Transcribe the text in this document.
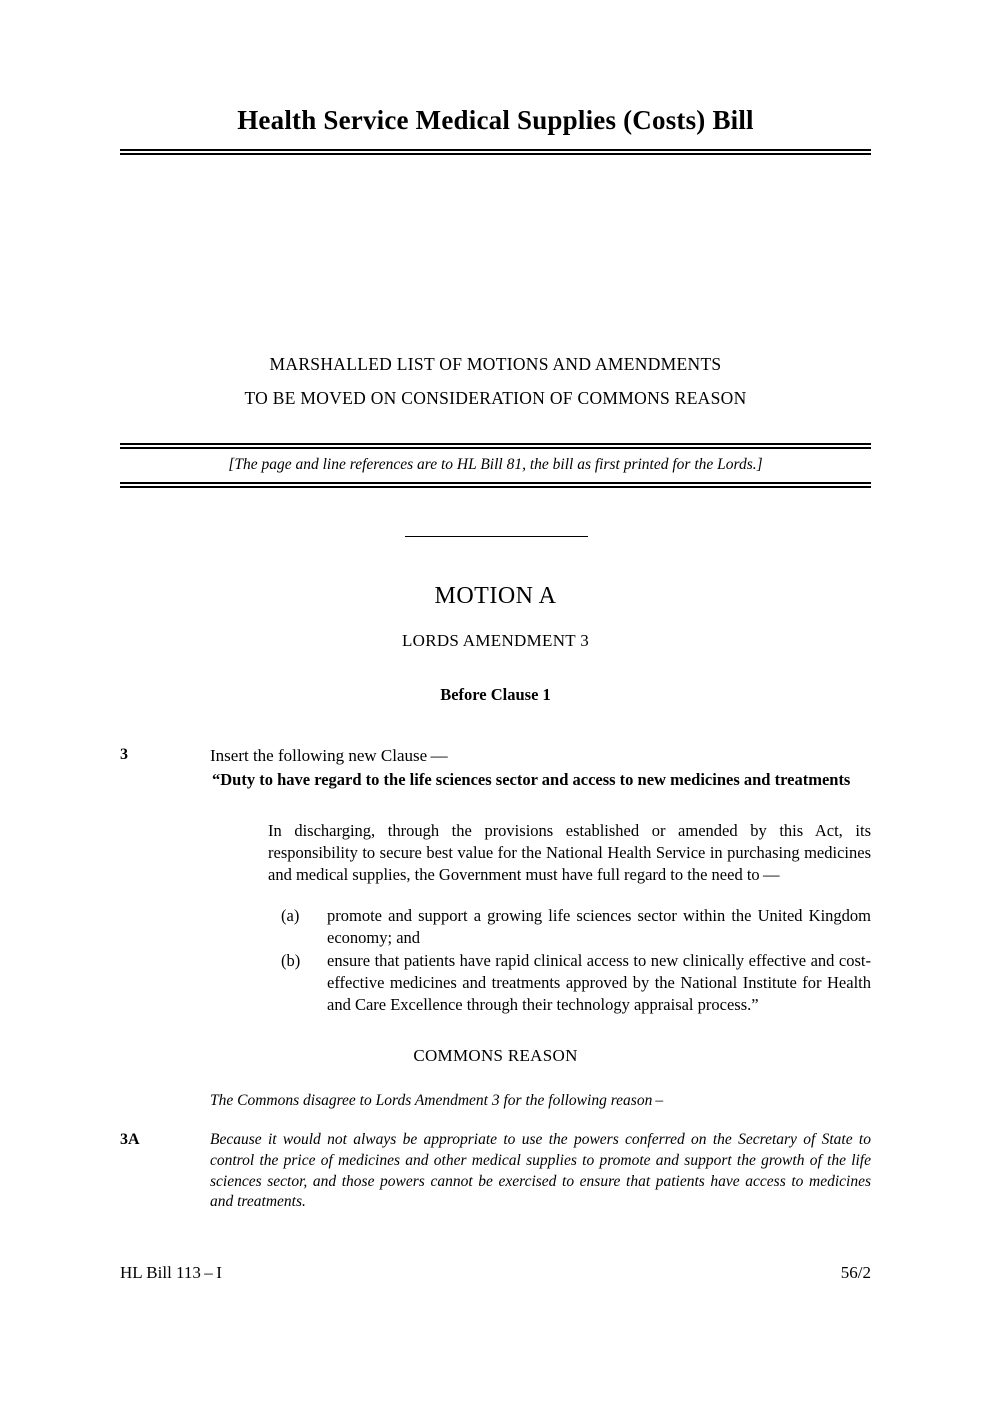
Health Service Medical Supplies (Costs) Bill
MARSHALLED LIST OF MOTIONS AND AMENDMENTS
TO BE MOVED ON CONSIDERATION OF COMMONS REASON
[The page and line references are to HL Bill 81, the bill as first printed for the Lords.]
MOTION A
LORDS AMENDMENT 3
Before Clause 1
3	Insert the following new Clause —
“Duty to have regard to the life sciences sector and access to new medicines and treatments
In discharging, through the provisions established or amended by this Act, its responsibility to secure best value for the National Health Service in purchasing medicines and medical supplies, the Government must have full regard to the need to —
(a) promote and support a growing life sciences sector within the United Kingdom economy; and
(b) ensure that patients have rapid clinical access to new clinically effective and cost-effective medicines and treatments approved by the National Institute for Health and Care Excellence through their technology appraisal process.”
COMMONS REASON
The Commons disagree to Lords Amendment 3 for the following reason –
3A	Because it would not always be appropriate to use the powers conferred on the Secretary of State to control the price of medicines and other medical supplies to promote and support the growth of the life sciences sector, and those powers cannot be exercised to ensure that patients have access to medicines and treatments.
HL Bill 113 – I	56/2
